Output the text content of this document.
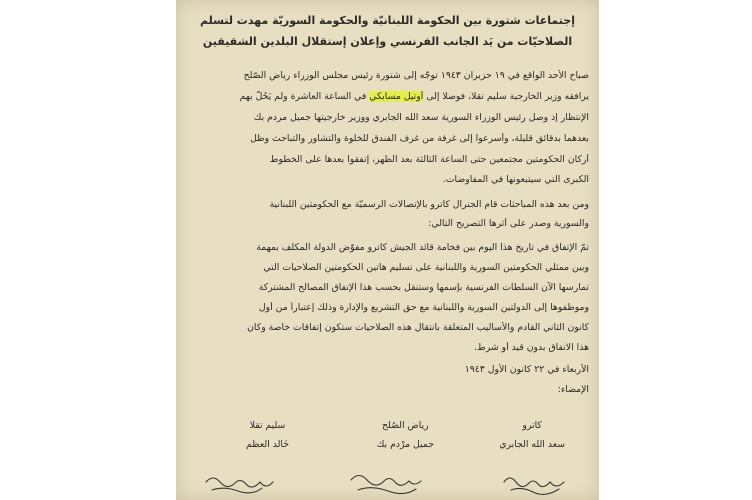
إجتماعات شتورة بين الحكومة اللبنانيّة والحكومة السوريّة مهدت لتسلم
الصلاحيّات من يَد الجانب الفرنسي وإعلان إستقلال البلدين الشقيقين
صباح الأحد الواقع في ١٩ حزيران ١٩٤٣ توجّه إلى شتورة رئيس مجلس الوزراء رياض الصّلح
يرافقه وزير الخارجية سليم تقلا، فوصلا إلى أوتيل مسابكي في الساعة العاشرة ولم يَحُلّ بهم
الإنتظار إذ وصل رئيس الوزراء السورية سعد الله الجابري ووزير خارجيتها جميل مردم بك
بعدهما بدقائق قليلة، وأسرعوا إلى غرفة من غرف الفندق للخلوة والتشاور والتباحث وظل
أركان الحكومتين مجتمعين حتى الساعة الثالثة بعد الظهر، إتفقوا بعدها على الخطوط
الكبرى التي سيتبعونها في المفاوضات.
ومن بعد هذه المباحثات قام الجنرال كاترو بالإتصالات الرسميّة مع الحكومتين اللبنانية
والسورية وصدر على أثرها التصريح التالي:
تمّ الإتفاق في تاريخ هذا اليوم بين فخامة قائد الجيش كاترو مفوّض الدولة المكلف بمهمة
وبين ممثلي الحكومتين السورية واللبنانية على تسليم هاتين الحكومتين الصلاحيات التي
تمارسها الآن السلطات الفرنسية بإسمها وستنقل بحسب هذا الإتفاق المصالح المشتركة
وموظفوها إلى الدولتين السورية واللبنانية مع حق التشريع والإدارة وذلك إعتباراً من أول
كانون الثاني القادم والأساليب المتعلقة بانتقال هذه الصلاحيات ستكون إتفاقات خاصة وكان
هذا الاتفاق بدون قيد أو شرط.
الأربعاء في ٢٢ كانون الأول ١٩٤٣
الإمضاء:
كاترو
سعد الله الجابري
رياض الصُلح
جميل مرْدم بك
سليم تقلا
خَالد العظم
